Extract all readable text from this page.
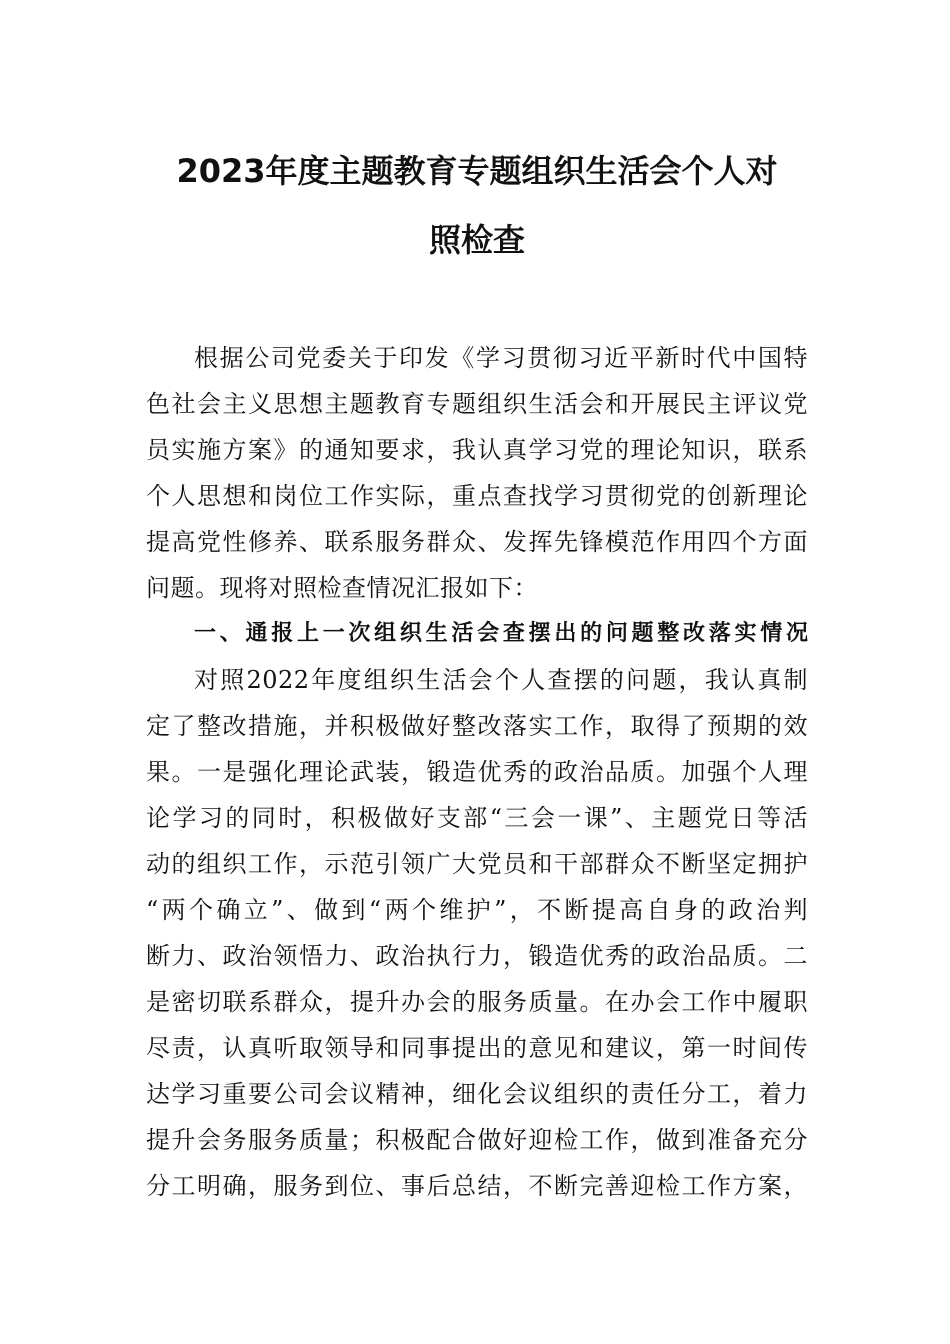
2023年度主题教育专题组织生活会个人对
照检查
根据公司党委关于印发《学习贯彻习近平新时代中国特
色社会主义思想主题教育专题组织生活会和开展民主评议党
员实施方案》的通知要求，我认真学习党的理论知识，联系
个人思想和岗位工作实际，重点查找学习贯彻党的创新理论
提高党性修养、联系服务群众、发挥先锋模范作用四个方面
问题。现将对照检查情况汇报如下：
一、通报上一次组织生活会查摆出的问题整改落实情况
对照2022年度组织生活会个人查摆的问题，我认真制
定了整改措施，并积极做好整改落实工作，取得了预期的效
果。一是强化理论武装，锻造优秀的政治品质。加强个人理
论学习的同时，积极做好支部“三会一课”、主题党日等活
动的组织工作，示范引领广大党员和干部群众不断坚定拥护
“两个确立”、做到“两个维护”，不断提高自身的政治判
断力、政治领悟力、政治执行力，锻造优秀的政治品质。二
是密切联系群众，提升办会的服务质量。在办会工作中履职
尽责，认真听取领导和同事提出的意见和建议，第一时间传
达学习重要公司会议精神，细化会议组织的责任分工，着力
提升会务服务质量；积极配合做好迎检工作，做到准备充分
分工明确，服务到位、事后总结，不断完善迎检工作方案，
